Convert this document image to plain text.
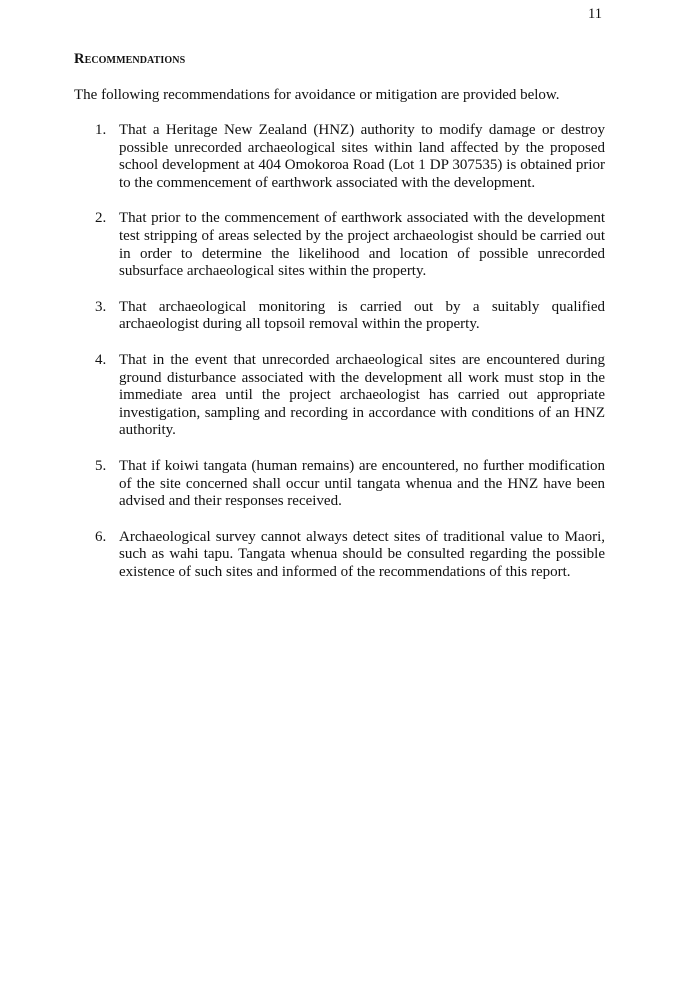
11
Recommendations
The following recommendations for avoidance or mitigation are provided below.
1. That a Heritage New Zealand (HNZ) authority to modify damage or destroy possible unrecorded archaeological sites within land affected by the proposed school development at 404 Omokoroa Road (Lot 1 DP 307535) is obtained prior to the commencement of earthwork associated with the development.
2. That prior to the commencement of earthwork associated with the development test stripping of areas selected by the project archaeologist should be carried out in order to determine the likelihood and location of possible unrecorded subsurface archaeological sites within the property.
3. That archaeological monitoring is carried out by a suitably qualified archaeologist during all topsoil removal within the property.
4. That in the event that unrecorded archaeological sites are encountered during ground disturbance associated with the development all work must stop in the immediate area until the project archaeologist has carried out appropriate investigation, sampling and recording in accordance with conditions of an HNZ authority.
5. That if koiwi tangata (human remains) are encountered, no further modification of the site concerned shall occur until tangata whenua and the HNZ have been advised and their responses received.
6. Archaeological survey cannot always detect sites of traditional value to Maori, such as wahi tapu. Tangata whenua should be consulted regarding the possible existence of such sites and informed of the recommendations of this report.
